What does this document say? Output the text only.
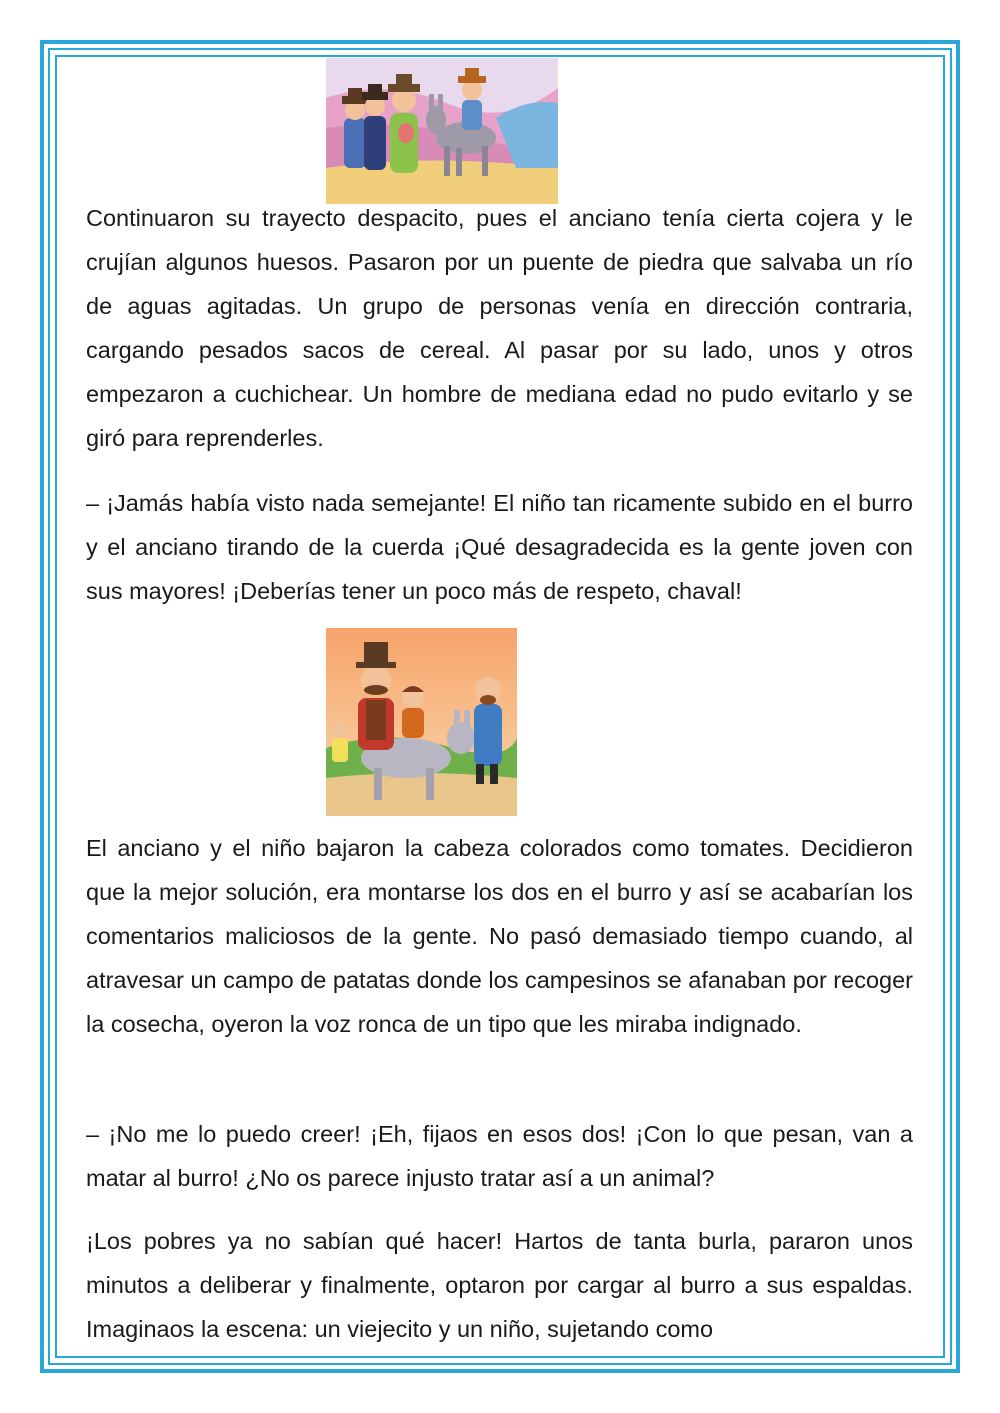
Continuaron su trayecto despacito, pues el anciano tenía cierta cojera y le crujían algunos huesos. Pasaron por un puente de piedra que salvaba un río de aguas agitadas. Un grupo de personas venía en dirección contraria, cargando pesados sacos de cereal. Al pasar por su lado, unos y otros empezaron a cuchichear. Un hombre de mediana edad no pudo evitarlo y se giró para reprenderles.

– ¡Jamás había visto nada semejante! El niño tan ricamente subido en el burro y el anciano tirando de la cuerda ¡Qué desagradecida es la gente joven con sus mayores! ¡Deberías tener un poco más de respeto, chaval!

El anciano y el niño bajaron la cabeza colorados como tomates. Decidieron que la mejor solución, era montarse los dos en el burro y así se acabarían los comentarios maliciosos de la gente. No pasó demasiado tiempo cuando, al atravesar un campo de patatas donde los campesinos se afanaban por recoger la cosecha, oyeron la voz ronca de un tipo que les miraba indignado.

– ¡No me lo puedo creer! ¡Eh, fijaos en esos dos! ¡Con lo que pesan, van a matar al burro! ¿No os parece injusto tratar así a un animal?

¡Los pobres ya no sabían qué hacer! Hartos de tanta burla, pararon unos minutos a deliberar y finalmente, optaron por cargar al burro a sus espaldas. Imaginaos la escena: un viejecito y un niño, sujetando como
